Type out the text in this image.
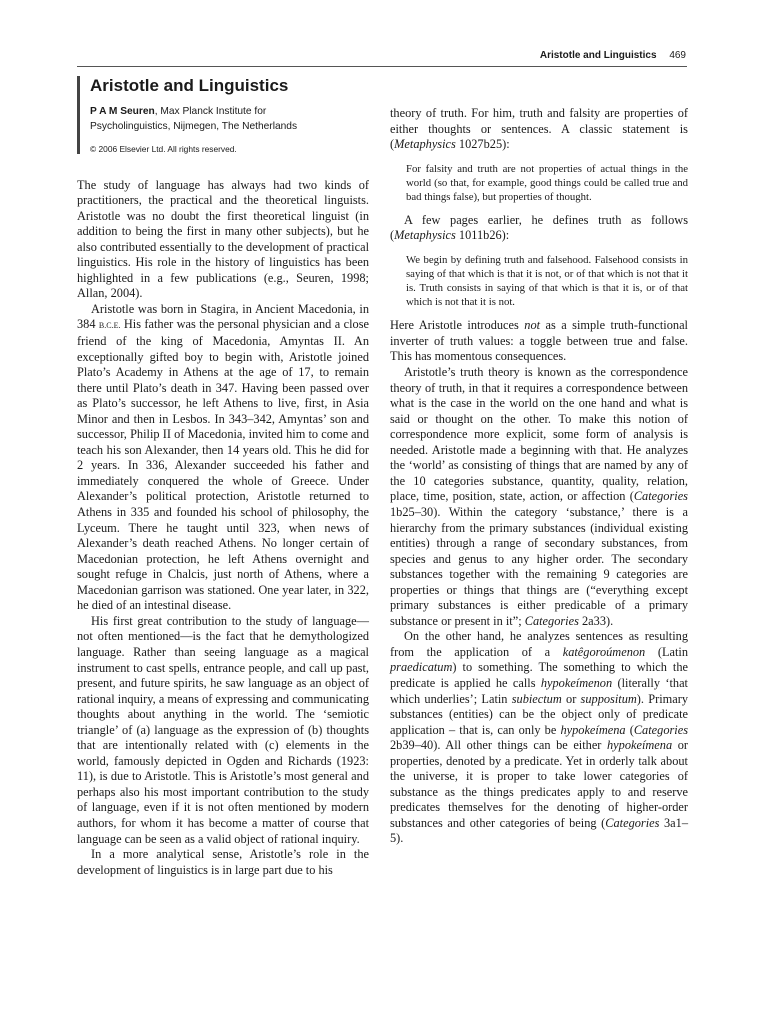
Aristotle and Linguistics 469
Aristotle and Linguistics

P A M Seuren, Max Planck Institute for
Psycholinguistics, Nijmegen, The Netherlands

© 2006 Elsevier Ltd. All rights reserved.

The study of language has always had two kinds of practitioners, the practical and the theoretical linguists. Aristotle was no doubt the first theoretical linguist (in addition to being the first in many other subjects), but he also contributed essentially to the development of practical linguistics. His role in the history of linguistics has been highlighted in a few publications (e.g., Seuren, 1998; Allan, 2004).

Aristotle was born in Stagira, in Ancient Macedonia, in 384 B.C.E. His father was the personal physician and a close friend of the king of Macedonia, Amyntas II. An exceptionally gifted boy to begin with, Aristotle joined Plato’s Academy in Athens at the age of 17, to remain there until Plato’s death in 347. Having been passed over as Plato’s successor, he left Athens to live, first, in Asia Minor and then in Lesbos. In 343–342, Amyntas’ son and successor, Philip II of Macedonia, invited him to come and teach his son Alexander, then 14 years old. This he did for 2 years. In 336, Alexander succeeded his father and immediately conquered the whole of Greece. Under Alexander’s political protection, Aristotle returned to Athens in 335 and founded his school of philosophy, the Lyceum. There he taught until 323, when news of Alexander’s death reached Athens. No longer certain of Macedonian protection, he left Athens overnight and sought refuge in Chalcis, just north of Athens, where a Macedonian garrison was stationed. One year later, in 322, he died of an intestinal disease.

His first great contribution to the study of language—not often mentioned—is the fact that he demythologized language. Rather than seeing language as a magical instrument to cast spells, entrance people, and call up past, present, and future spirits, he saw language as an object of rational inquiry, a means of expressing and communicating thoughts about anything in the world. The ‘semiotic triangle’ of (a) language as the expression of (b) thoughts that are intentionally related with (c) elements in the world, famously depicted in Ogden and Richards (1923: 11), is due to Aristotle. This is Aristotle’s most general and perhaps also his most important contribution to the study of language, even if it is not often mentioned by modern authors, for whom it has become a matter of course that language can be seen as a valid object of rational inquiry.

In a more analytical sense, Aristotle’s role in the development of linguistics is in large part due to his

theory of truth. For him, truth and falsity are properties of either thoughts or sentences. A classic statement is (Metaphysics 1027b25):

For falsity and truth are not properties of actual things in the world (so that, for example, good things could be called true and bad things false), but properties of thought.

A few pages earlier, he defines truth as follows (Metaphysics 1011b26):

We begin by defining truth and falsehood. Falsehood consists in saying of that which is that it is not, or of that which is not that it is. Truth consists in saying of that which is that it is, or of that which is not that it is not.

Here Aristotle introduces not as a simple truth-functional inverter of truth values: a toggle between true and false. This has momentous consequences.

Aristotle’s truth theory is known as the correspondence theory of truth, in that it requires a correspondence between what is the case in the world on the one hand and what is said or thought on the other. To make this notion of correspondence more explicit, some form of analysis is needed. Aristotle made a beginning with that. He analyzes the ‘world’ as consisting of things that are named by any of the 10 categories substance, quantity, quality, relation, place, time, position, state, action, or affection (Categories 1b25–30). Within the category ‘substance,’ there is a hierarchy from the primary substances (individual existing entities) through a range of secondary substances, from species and genus to any higher order. The secondary substances together with the remaining 9 categories are properties or things that things are (“everything except primary substances is either predicable of a primary substance or present in it”; Categories 2a33).

On the other hand, he analyzes sentences as resulting from the application of a katêgoroúmenon (Latin praedicatum) to something. The something to which the predicate is applied he calls hypokeímenon (literally ‘that which underlies’; Latin subiectum or suppositum). Primary substances (entities) can be the object only of predicate application – that is, can only be hypokeímena (Categories 2b39–40). All other things can be either hypokeímena or properties, denoted by a predicate. Yet in orderly talk about the universe, it is proper to take lower categories of substance as the things predicates apply to and reserve predicates themselves for the denoting of higher-order substances and other categories of being (Categories 3a1–5).
